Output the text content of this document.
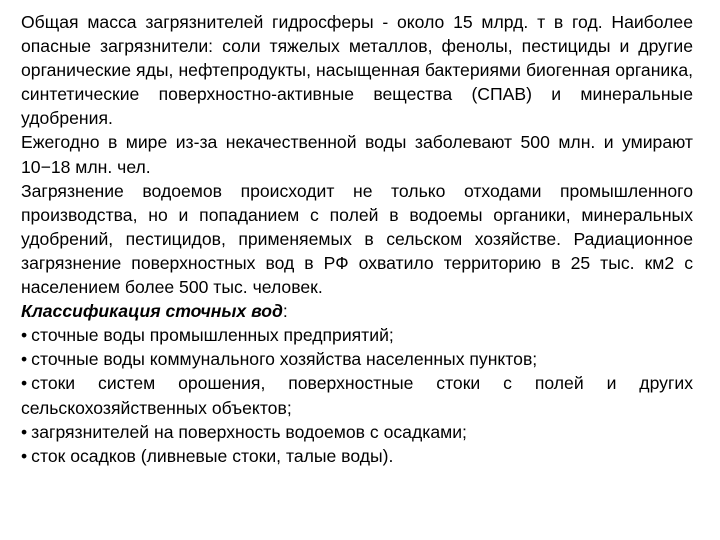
Общая масса загрязнителей гидросферы - около 15 млрд. т в год. Наиболее опасные загрязнители: соли тяжелых металлов, фенолы, пестициды и другие органические яды, нефтепродукты, насыщенная бактериями биогенная органика, синтетические поверхностно-активные вещества (СПАВ) и минеральные удобрения.

Ежегодно в мире из-за некачественной воды заболевают 500 млн. и умирают 10−18 млн. чел.

Загрязнение водоемов происходит не только отходами промышленного производства, но и попаданием с полей в водоемы органики, минеральных удобрений, пестицидов, применяемых в сельском хозяйстве. Радиационное загрязнение поверхностных вод в РФ охватило территорию в 25 тыс. км2 с населением более 500 тыс. человек.

Классификация сточных вод:

• сточные воды промышленных предприятий;
• сточные воды коммунального хозяйства населенных пунктов;
• стоки систем орошения, поверхностные стоки с полей и других сельскохозяйственных объектов;
• загрязнителей на поверхность водоемов с осадками;
• сток осадков (ливневые стоки, талые воды).
